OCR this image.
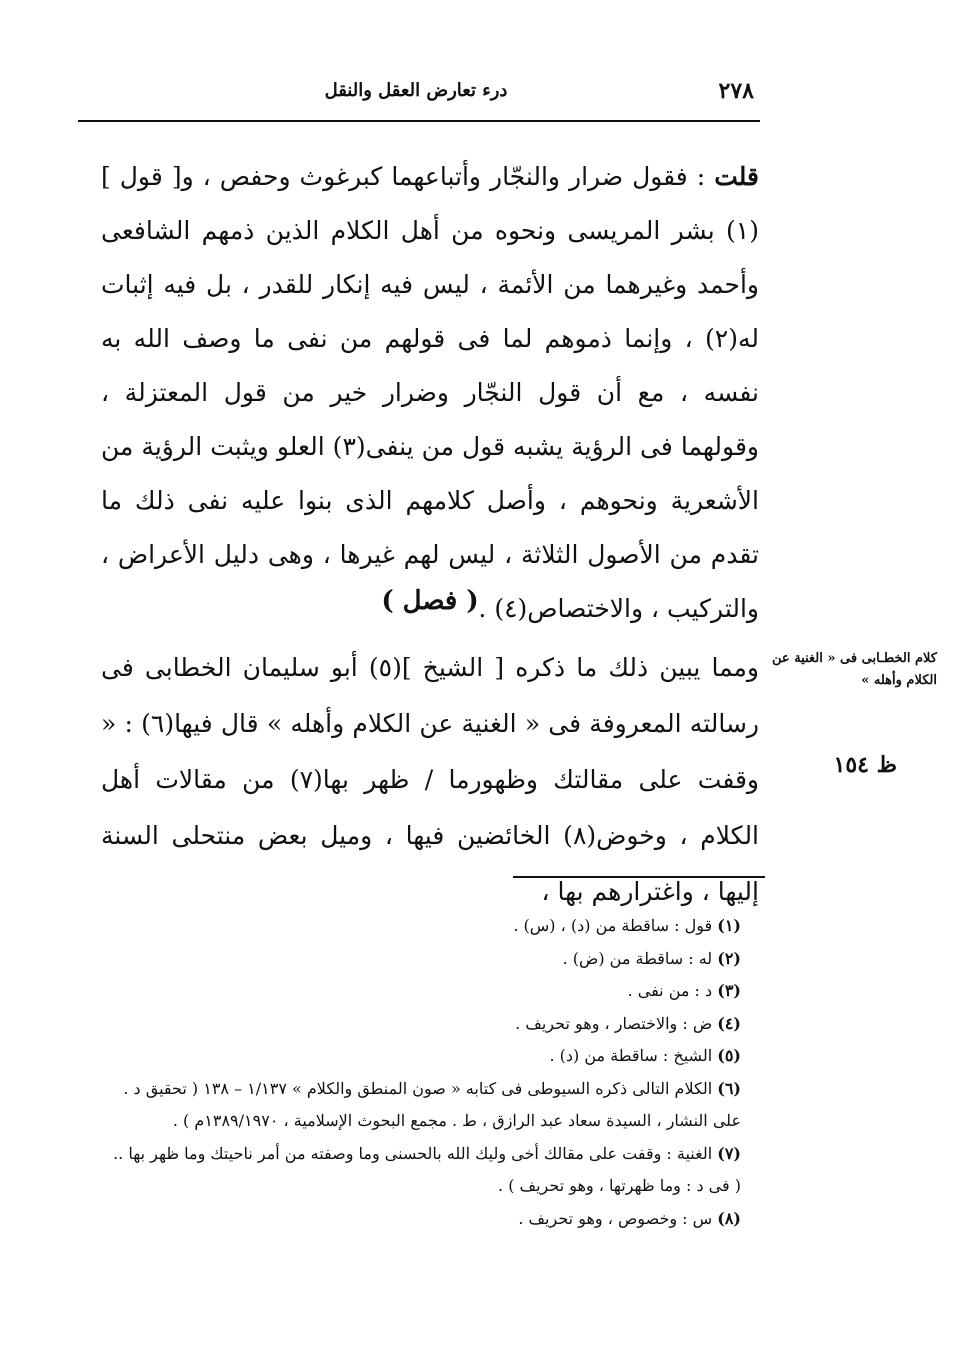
٢٧٨
درء تعارض العقل والنقل

قلت : فقول ضرار والنجّار وأتباعهما كبرغوث وحفص ، و[ قول ](١) بشر المريسى ونحوه من أهل الكلام الذين ذمهم الشافعى وأحمد وغيرهما من الأئمة ، ليس فيه إنكار للقدر ، بل فيه إثبات له(٢) ، وإنما ذموهم لما فى قولهم من نفى ما وصف الله به نفسه ، مع أن قول النجّار وضرار خير من قول المعتزلة ، وقولهما فى الرؤية يشبه قول من ينفى(٣) العلو ويثبت الرؤية من الأشعرية ونحوهم ، وأصل كلامهم الذى بنوا عليه نفى ذلك ما تقدم من الأصول الثلاثة ، ليس لهم غيرها ، وهى دليل الأعراض ، والتركيب ، والاختصاص(٤) .

( فصل )

ومما يبين ذلك ما ذكره [ الشيخ ](٥) أبو سليمان الخطابى فى رسالته المعروفة فى « الغنية عن الكلام وأهله » قال فيها(٦) : « وقفت على مقالتك وظهورما / ظهر بها(٧) من مقالات أهل الكلام ، وخوض(٨) الخائضين فيها ، وميل بعض منتحلى السنة إليها ، واغترارهم بها ،

كلام الخطـابى فى « الغنية عن الكلام وأهله »
ظ ١٥٤

(١) قول : ساقطة من (د) ، (س) .

(٢) له : ساقطة من (ض) .

(٣) د : من نفى .

(٤) ض : والاختصار ، وهو تحريف .

(٥) الشيخ : ساقطة من (د) .

(٦) الكلام التالى ذكره السيوطى فى كتابه « صون المنطق والكلام » ١/١٣٧ – ١٣٨ ( تحقيق د .

على النشار ، السيدة سعاد عبد الرازق ، ط . مجمع البحوث الإسلامية ، ١٣٨٩/١٩٧٠م ) .

(٧) الغنية : وقفت على مقالك أخى وليك الله بالحسنى وما وصفته من أمر ناحيتك وما ظهر بها ..

( فى د : وما ظهرتها ، وهو تحريف ) .

(٨) س : وخصوص ، وهو تحريف .
